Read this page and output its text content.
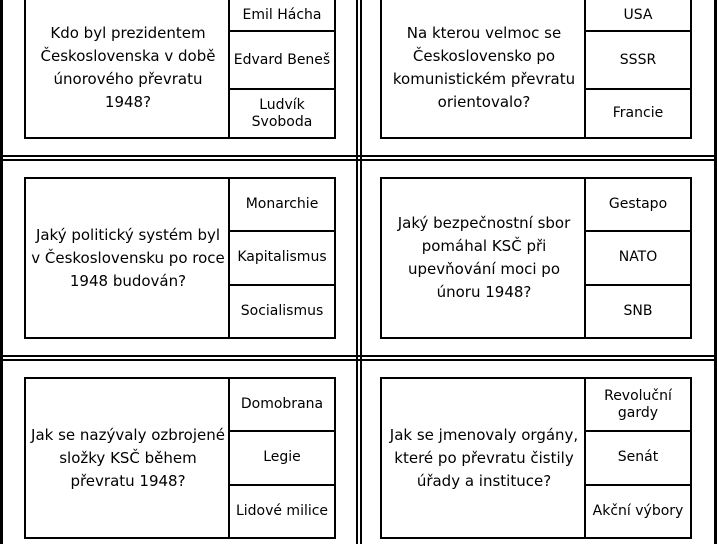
Kdo byl prezidentem Československa v době únorového převratu 1948?
Emil Hácha
Edvard Beneš
Ludvík Svoboda
Na kterou velmoc se Československo po komunistickém převratu orientovalo?
USA
SSSR
Francie
Jaký politický systém byl v Československu po roce 1948 budován?
Monarchie
Kapitalismus
Socialismus
Jaký bezpečnostní sbor pomáhal KSČ při upevňování moci po únoru 1948?
Gestapo
NATO
SNB
Jak se nazývaly ozbrojené složky KSČ během převratu 1948?
Domobrana
Legie
Lidové milice
Jak se jmenovaly orgány, které po převratu čistily úřady a instituce?
Revoluční gardy
Senát
Akční výbory
